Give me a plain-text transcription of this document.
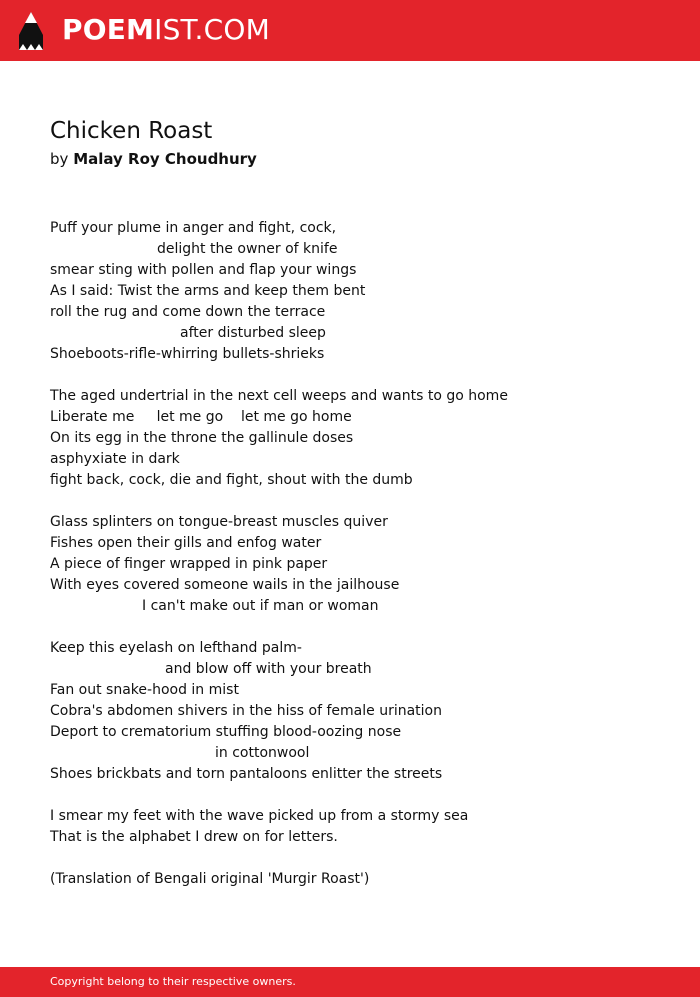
POEMIST.COM
Chicken Roast
by Malay Roy Choudhury
Puff your plume in anger and fight, cock,
delight the owner of knife
smear sting with pollen and flap your wings
As I said: Twist the arms and keep them bent
roll the rug and come down the terrace
after disturbed sleep
Shoeboots-rifle-whirring bullets-shrieks
The aged undertrial in the next cell weeps and wants to go home
Liberate me     let me go    let me go home
On its egg in the throne the gallinule doses
asphyxiate in dark
fight back, cock, die and fight, shout with the dumb
Glass splinters on tongue-breast muscles quiver
Fishes open their gills and enfog water
A piece of finger wrapped in pink paper
With eyes covered someone wails in the jailhouse
I can't make out if man or woman
Keep this eyelash on lefthand palm-
and blow off with your breath
Fan out snake-hood in mist
Cobra's abdomen shivers in the hiss of female urination
Deport to crematorium stuffing blood-oozing nose
in cottonwool
Shoes brickbats and torn pantaloons enlitter the streets
I smear my feet with the wave picked up from a stormy sea
That is the alphabet I drew on for letters.
(Translation of Bengali original 'Murgir Roast')
Copyright belong to their respective owners.
